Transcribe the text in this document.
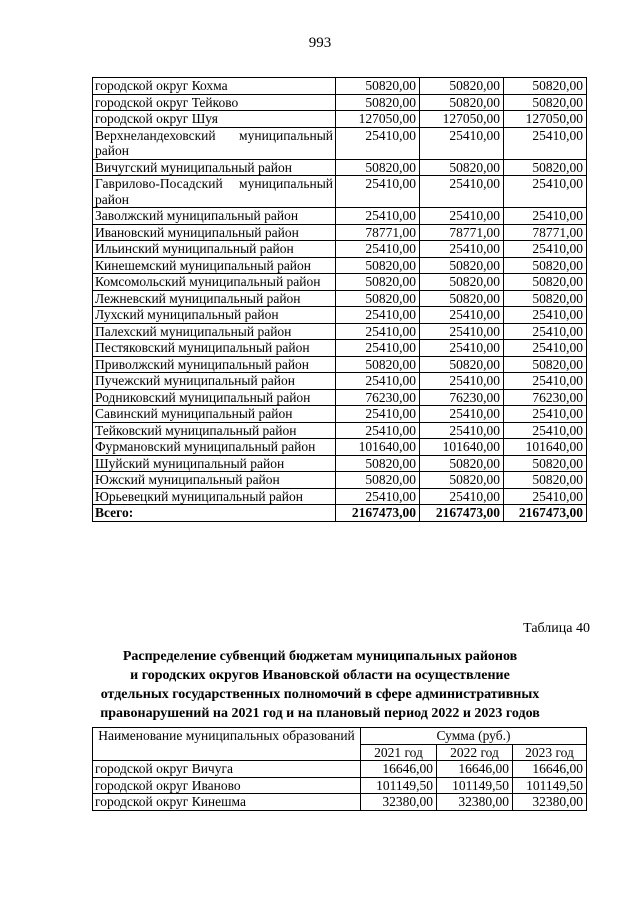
993
городской округ Кохма	50820,00	50820,00	50820,00
городской округ Тейково	50820,00	50820,00	50820,00
городской округ Шуя	127050,00	127050,00	127050,00
Верхнеландеховский муниципальный район	25410,00	25410,00	25410,00
Вичугский муниципальный район	50820,00	50820,00	50820,00
Гаврилово-Посадский муниципальный район	25410,00	25410,00	25410,00
Заволжский муниципальный район	25410,00	25410,00	25410,00
Ивановский муниципальный район	78771,00	78771,00	78771,00
Ильинский муниципальный район	25410,00	25410,00	25410,00
Кинешемский муниципальный район	50820,00	50820,00	50820,00
Комсомольский муниципальный район	50820,00	50820,00	50820,00
Лежневский муниципальный район	50820,00	50820,00	50820,00
Лухский муниципальный район	25410,00	25410,00	25410,00
Палехский муниципальный район	25410,00	25410,00	25410,00
Пестяковский муниципальный район	25410,00	25410,00	25410,00
Приволжский муниципальный район	50820,00	50820,00	50820,00
Пучежский муниципальный район	25410,00	25410,00	25410,00
Родниковский муниципальный район	76230,00	76230,00	76230,00
Савинский муниципальный район	25410,00	25410,00	25410,00
Тейковский муниципальный район	25410,00	25410,00	25410,00
Фурмановский муниципальный район	101640,00	101640,00	101640,00
Шуйский муниципальный район	50820,00	50820,00	50820,00
Южский муниципальный район	50820,00	50820,00	50820,00
Юрьевецкий муниципальный район	25410,00	25410,00	25410,00
Всего:	2167473,00	2167473,00	2167473,00
Таблица 40
Распределение субвенций бюджетам муниципальных районов
и городских округов Ивановской области на осуществление
отдельных государственных полномочий в сфере административных
правонарушений на 2021 год и на плановый период 2022 и 2023 годов
Наименование муниципальных образований	Сумма (руб.)		
	2021 год	2022 год	2023 год
городской округ Вичуга	16646,00	16646,00	16646,00
городской округ Иваново	101149,50	101149,50	101149,50
городской округ Кинешма	32380,00	32380,00	32380,00
